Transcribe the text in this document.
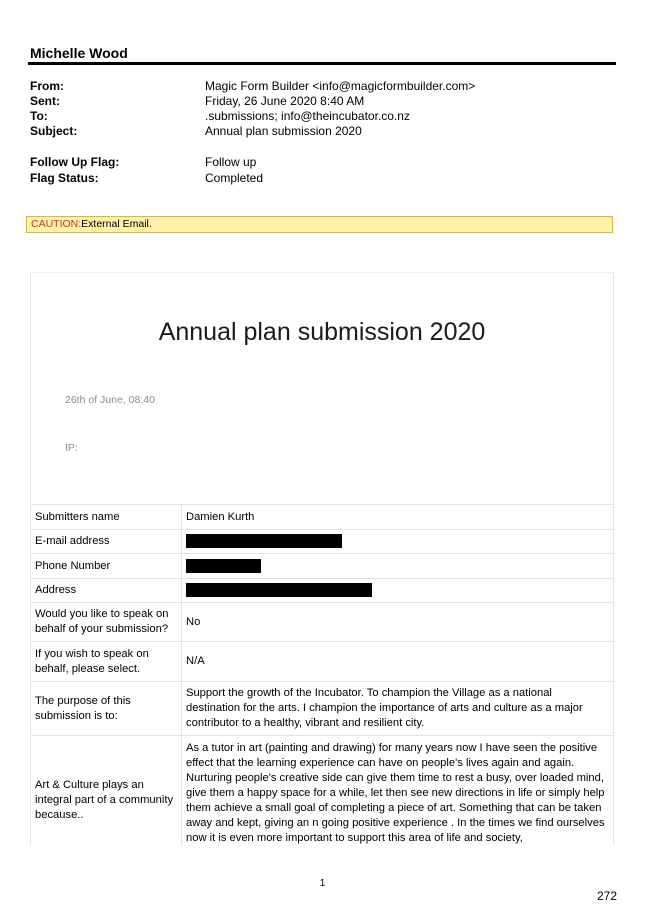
Michelle Wood
From:	Magic Form Builder <info@magicformbuilder.com>
Sent:	Friday, 26 June 2020 8:40 AM
To:	.submissions; info@theincubator.co.nz
Subject:	Annual plan submission 2020
Follow Up Flag:	Follow up
Flag Status:	Completed
CAUTION:External Email.
Annual plan submission 2020
26th of June, 08:40
IP:
Submitters name	Damien Kurth
E-mail address	
Phone Number	
Address	
Would you like to speak on behalf of your submission?	No
If you wish to speak on behalf, please select.	N/A
The purpose of this submission is to:	Support the growth of the Incubator. To champion the Village as a national destination for the arts. I champion the importance of arts and culture as a major contributor to a healthy, vibrant and resilient city.
Art & Culture plays an integral part of a community because..	As a tutor in art (painting and drawing) for many years now I have seen the positive effect that the learning experience can have on people's lives again and again. Nurturing people's creative side can give them time to rest a busy, over loaded mind, give them a happy space for a while, let then see new directions in life or simply help them achieve a small goal of completing a piece of art. Something that can be taken away and kept, giving an n going positive experience . In the times we find ourselves now it is even more important to support this area of life and society,
1
272
